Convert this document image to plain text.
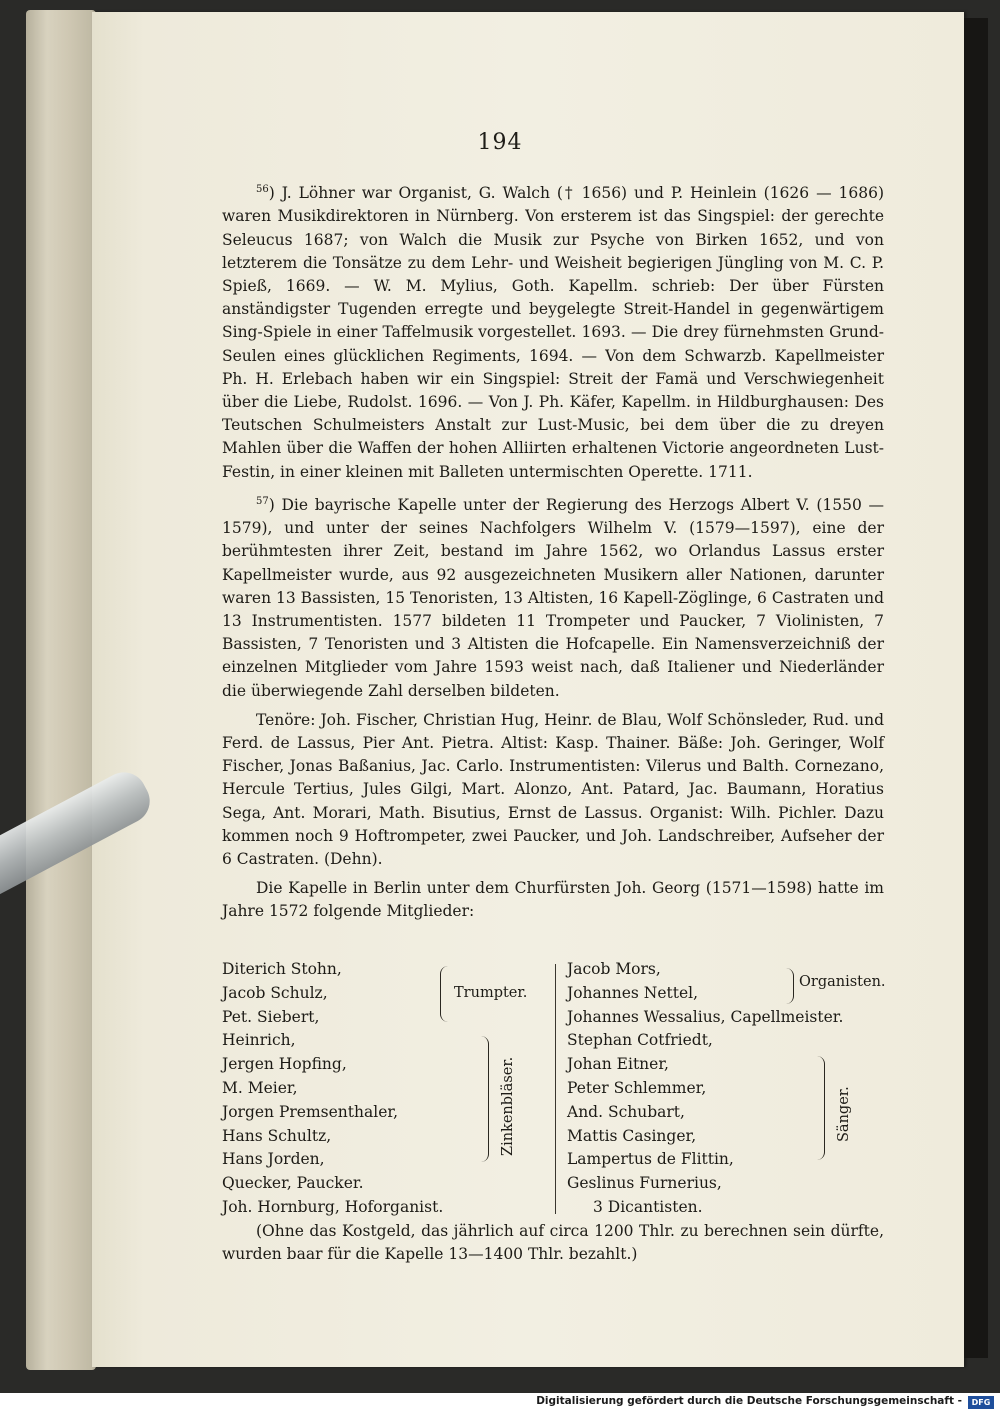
194

$^{56}$) J. Löhner war Organist, G. Walch († 1656) und P. Heinlein (1626 — 1686) waren Musikdirektoren in Nürnberg. Von ersterem ist das Singspiel: der gerechte Seleucus 1687; von Walch die Musik zur Psyche von Birken 1652, und von letzterem die Tonsätze zu dem Lehr- und Weisheit begierigen Jüngling von M. C. P. Spieß, 1669. — W. M. Mylius, Goth. Kapellm. schrieb: Der über Fürsten anständigster Tugenden erregte und beygelegte Streit-Handel in gegenwärtigem Sing-Spiele in einer Taffelmusik vorgestellet. 1693. — Die drey fürnehmsten Grund-Seulen eines glücklichen Regiments, 1694. — Von dem Schwarzb. Kapellmeister Ph. H. Erlebach haben wir ein Singspiel: Streit der Famä und Verschwiegenheit über die Liebe, Rudolst. 1696. — Von J. Ph. Käfer, Kapellm. in Hildburghausen: Des Teutschen Schulmeisters Anstalt zur Lust-Music, bei dem über die zu dreyen Mahlen über die Waffen der hohen Alliirten erhaltenen Victorie angeordneten Lust-Festin, in einer kleinen mit Balleten untermischten Operette. 1711.

$^{57}$) Die bayrische Kapelle unter der Regierung des Herzogs Albert V. (1550 — 1579), und unter der seines Nachfolgers Wilhelm V. (1579—1597), eine der berühmtesten ihrer Zeit, bestand im Jahre 1562, wo Orlandus Lassus erster Kapellmeister wurde, aus 92 ausgezeichneten Musikern aller Nationen, darunter waren 13 Bassisten, 15 Tenoristen, 13 Altisten, 16 Kapell-Zöglinge, 6 Castraten und 13 Instrumentisten. 1577 bildeten 11 Trompeter und Paucker, 7 Violinisten, 7 Bassisten, 7 Tenoristen und 3 Altisten die Hofcapelle. Ein Namensverzeichniß der einzelnen Mitglieder vom Jahre 1593 weist nach, daß Italiener und Niederländer die überwiegende Zahl derselben bildeten.

Tenöre: Joh. Fischer, Christian Hug, Heinr. de Blau, Wolf Schönsleder, Rud. und Ferd. de Lassus, Pier Ant. Pietra. Altist: Kasp. Thainer. Bäße: Joh. Geringer, Wolf Fischer, Jonas Baßanius, Jac. Carlo. Instrumentisten: Vilerus und Balth. Cornezano, Hercule Tertius, Jules Gilgi, Mart. Alonzo, Ant. Patard, Jac. Baumann, Horatius Sega, Ant. Morari, Math. Bisutius, Ernst de Lassus. Organist: Wilh. Pichler. Dazu kommen noch 9 Hoftrompeter, zwei Paucker, und Joh. Landschreiber, Aufseher der 6 Castraten. (Dehn).

Die Kapelle in Berlin unter dem Churfürsten Joh. Georg (1571—1598) hatte im Jahre 1572 folgende Mitglieder:

Diterich Stohn,
Jacob Schulz,
Pet. Siebert,
Heinrich,
Jergen Hopfing,
M. Meier,
Jorgen Premsenthaler,
Hans Schultz,
Hans Jorden,
Quecker, Paucker.
Joh. Hornburg, Hoforganist.
Trumpter.
Zinkenbläser.
Jacob Mors,
Johannes Nettel,
Johannes Wessalius, Capellmeister.
Stephan Cotfriedt,
Johan Eitner,
Peter Schlemmer,
And. Schubart,
Mattis Casinger,
Lampertus de Flittin,
Geslinus Furnerius,
3 Dicantisten.
Organisten.
Sänger.

(Ohne das Kostgeld, das jährlich auf circa 1200 Thlr. zu berechnen sein dürfte, wurden baar für die Kapelle 13—1400 Thlr. bezahlt.)

Digitalisierung gefördert durch die Deutsche Forschungsgemeinschaft -	DFG
